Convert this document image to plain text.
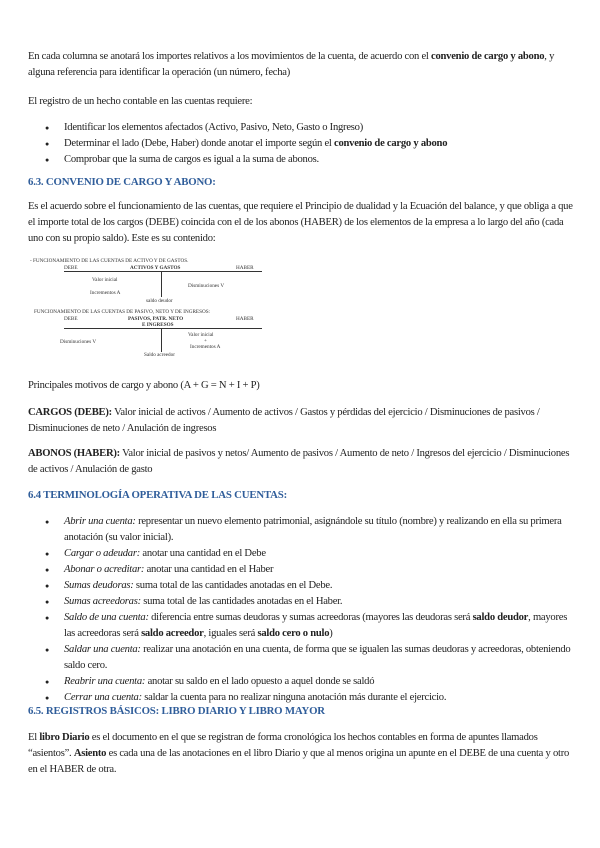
En cada columna se anotará los importes relativos a los movimientos de la cuenta, de acuerdo con el convenio de cargo y abono, y alguna referencia para identificar la operación (un número, fecha)

El registro de un hecho contable en las cuentas requiere:

● Identificar los elementos afectados (Activo, Pasivo, Neto, Gasto o Ingreso)
● Determinar el lado (Debe, Haber) donde anotar el importe según el convenio de cargo y abono
● Comprobar que la suma de cargos es igual a la suma de abonos.
6.3. CONVENIO DE CARGO Y ABONO:

Es el acuerdo sobre el funcionamiento de las cuentas, que requiere el Principio de dualidad y la Ecuación del balance, y que obliga a que el importe total de los cargos (DEBE) coincida con el de los abonos (HABER) de los elementos de la empresa a lo largo del año (cada uno con su propio saldo). Este es su contenido:

- FUNCIONAMIENTO DE LAS CUENTAS DE ACTIVO Y DE GASTOS.
DEBE	ACTIVOS Y GASTOS	HABER
Valor inicial
Incrementos A
Disminuciones V
saldo deudor
FUNCIONAMIENTO DE LAS CUENTAS DE PASIVO, NETO Y DE INGRESOS:
DEBE	PASIVOS, PATR. NETO
E INGRESOS
HABER
Valor inicial
+
Incrementos A
Disminuciones V
Saldo acreedor

Principales motivos de cargo y abono (A + G = N + I + P)

CARGOS (DEBE): Valor inicial de activos / Aumento de activos / Gastos y pérdidas del ejercicio / Disminuciones de pasivos / Disminuciones de neto / Anulación de ingresos

ABONOS (HABER): Valor inicial de pasivos y netos/ Aumento de pasivos / Aumento de neto / Ingresos del ejercicio / Disminuciones de activos / Anulación de gasto

6.4 TERMINOLOGÍA OPERATIVA DE LAS CUENTAS:
● Abrir una cuenta: representar un nuevo elemento patrimonial, asignándole su título (nombre) y realizando en ella su primera anotación (su valor inicial).
● Cargar o adeudar: anotar una cantidad en el Debe
● Abonar o acreditar: anotar una cantidad en el Haber
● Sumas deudoras: suma total de las cantidades anotadas en el Debe.
● Sumas acreedoras: suma total de las cantidades anotadas en el Haber.
● Saldo de una cuenta: diferencia entre sumas deudoras y sumas acreedoras (mayores las deudoras será saldo deudor, mayores las acreedoras será saldo acreedor, iguales será saldo cero o nulo)
● Saldar una cuenta: realizar una anotación en una cuenta, de forma que se igualen las sumas deudoras y acreedoras, obteniendo saldo cero.
● Reabrir una cuenta: anotar su saldo en el lado opuesto a aquel donde se saldó
● Cerrar una cuenta: saldar la cuenta para no realizar ninguna anotación más durante el ejercicio.
6.5. REGISTROS BÁSICOS: LIBRO DIARIO Y LIBRO MAYOR

El libro Diario es el documento en el que se registran de forma cronológica los hechos contables en forma de apuntes llamados “asientos”. Asiento es cada una de las anotaciones en el libro Diario y que al menos origina un apunte en el DEBE de una cuenta y otro en el HABER de otra.
